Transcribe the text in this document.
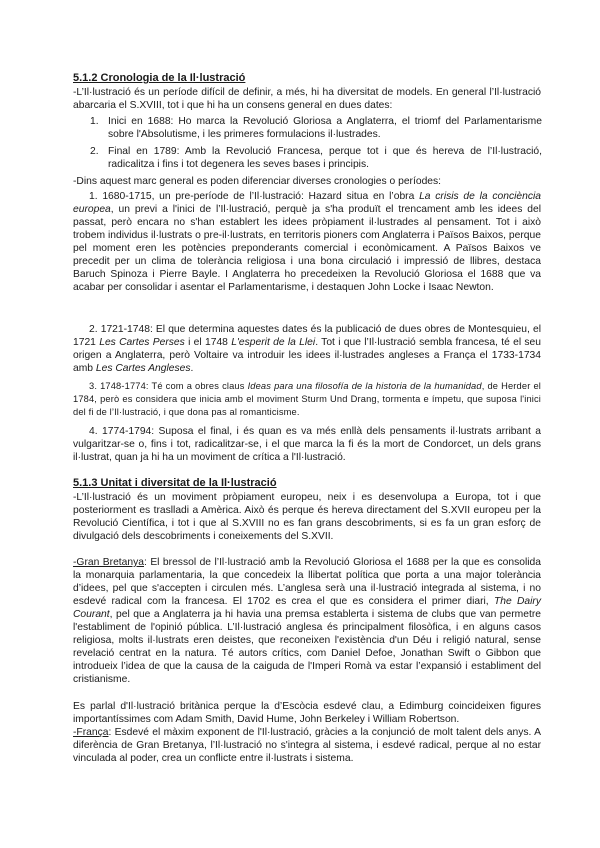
5.1.2 Cronologia de la Il·lustració
-L’Il·lustració és un període difícil de definir, a més, hi ha diversitat de models. En general l’Il·lustració abarcaria el S.XVIII, tot i que hi ha un consens general en dues dates:
1. Inici en 1688: Ho marca la Revolució Gloriosa a Anglaterra, el triomf del Parlamentarisme sobre l'Absolutisme, i les primeres formulacions il·lustrades.
2. Final en 1789: Amb la Revolució Francesa, perque tot i que és hereva de l’Il·lustració, radicalitza i fins i tot degenera les seves bases i principis.
-Dins aquest marc general es poden diferenciar diverses cronologies o períodes:
1. 1680-1715, un pre-període de l’Il·lustració: Hazard situa en l’obra La crisis de la conciència europea, un previ a l'inici de l’Il·lustració, perquè ja s'ha produït el trencament amb les idees del passat, però encara no s'han establert les idees pròpiament il·lustrades al pensament. Tot i això trobem individus il·lustrats o pre-il·lustrats, en territoris pioners com Anglaterra i Països Baixos, perque pel moment eren les potències preponderants comercial i econòmicament. A Països Baixos ve precedit per un clima de tolerància religiosa i una bona circulació i impressió de llibres, destaca Baruch Spinoza i Pierre Bayle. I Anglaterra ho precedeixen la Revolució Gloriosa el 1688 que va acabar per consolidar i asentar el Parlamentarisme, i destaquen John Locke i Isaac Newton.
2. 1721-1748: El que determina aquestes dates és la publicació de dues obres de Montesquieu, el 1721 Les Cartes Perses i el 1748 L'esperit de la Llei. Tot i que l’Il·lustració sembla francesa, té el seu origen a Anglaterra, però Voltaire va introduir les idees il·lustrades angleses a França el 1733-1734 amb Les Cartes Angleses.
3. 1748-1774: Té com a obres claus Ideas para una filosofía de la historia de la humanidad, de Herder el 1784, però es considera que inicia amb el moviment Sturm Und Drang, tormenta e ímpetu, que suposa l'inici del fi de l’Il·lustració, i que dona pas al romanticisme.
4. 1774-1794: Suposa el final, i és quan es va més enllà dels pensaments il·lustrats arribant a vulgaritzar-se o, fins i tot, radicalitzar-se, i el que marca la fi és la mort de Condorcet, un dels grans il·lustrat, quan ja hi ha un moviment de crítica a l'Il·lustració.
5.1.3 Unitat i diversitat de la Il·lustració
-L’Il·lustració és un moviment pròpiament europeu, neix i es desenvolupa a Europa, tot i que posteriorment es traslladi a Amèrica. Això és perque és hereva directament del S.XVII europeu per la Revolució Científica, i tot i que al S.XVIII no es fan grans descobriments, si es fa un gran esforç de divulgació dels descobriments i coneixements del S.XVII.
-Gran Bretanya: El bressol de l’Il·lustració amb la Revolució Gloriosa el 1688 per la que es consolida la monarquia parlamentaria, la que concedeix la llibertat política que porta a una major tolerància d’idees, pel que s'accepten i circulen més. L’anglesa serà una il·lustració integrada al sistema, i no esdevé radical com la francesa. El 1702 es crea el que es considera el primer diari, The Dairy Courant, pel que a Anglaterra ja hi havia una premsa establerta i sistema de clubs que van permetre l'establiment de l'opinió pública. L’Il·lustració anglesa és principalment filosòfica, i en alguns casos religiosa, molts il·lustrats eren deistes, que reconeixen l'existència d'un Déu i religió natural, sense revelació centrat en la natura. Té autors crítics, com Daniel Defoe, Jonathan Swift o Gibbon que introdueix l’idea de que la causa de la caiguda de l'Imperi Romà va estar l’expansió i establiment del cristianisme.
Es parlal d'Il·lustració britànica perque la d’Escòcia esdevé clau, a Edimburg coincideixen figures importantíssimes com Adam Smith, David Hume, John Berkeley i William Robertson.
-França: Esdevé el màxim exponent de l'Il·lustració, gràcies a la conjunció de molt talent dels anys. A diferència de Gran Bretanya, l’Il·lustració no s'integra al sistema, i esdevé radical, perque al no estar vinculada al poder, crea un conflicte entre il·lustrats i sistema.
